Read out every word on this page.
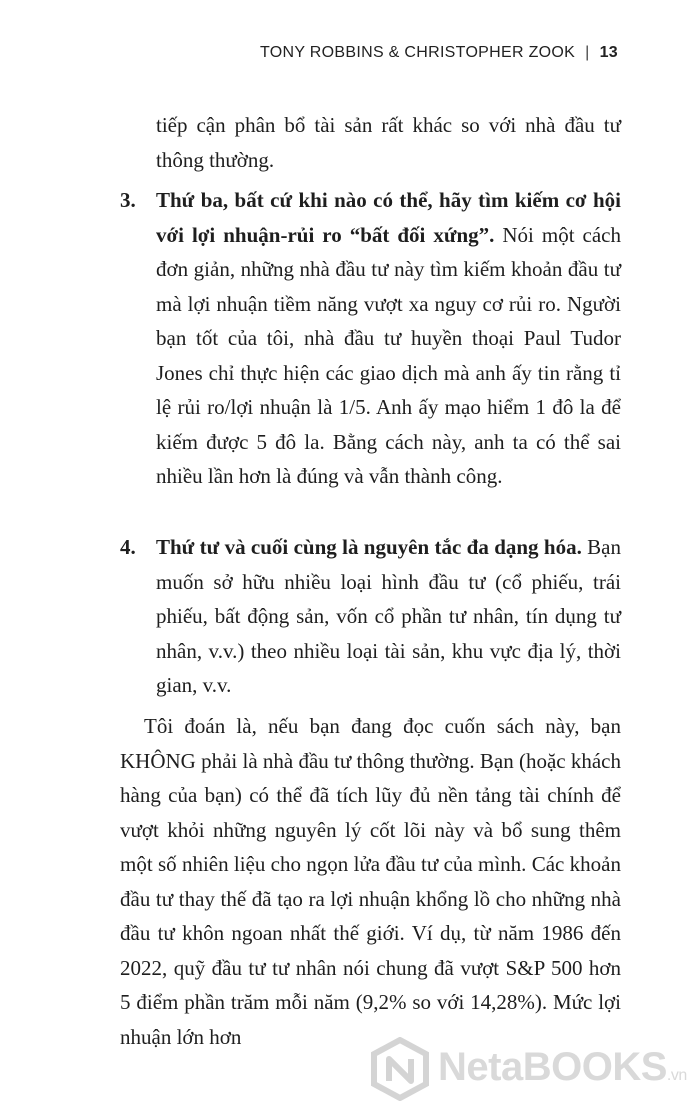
TONY ROBBINS & CHRISTOPHER ZOOK | 13
tiếp cận phân bổ tài sản rất khác so với nhà đầu tư thông thường.
3. Thứ ba, bất cứ khi nào có thể, hãy tìm kiếm cơ hội với lợi nhuận-rủi ro “bất đối xứng”. Nói một cách đơn giản, những nhà đầu tư này tìm kiếm khoản đầu tư mà lợi nhuận tiềm năng vượt xa nguy cơ rủi ro. Người bạn tốt của tôi, nhà đầu tư huyền thoại Paul Tudor Jones chỉ thực hiện các giao dịch mà anh ấy tin rằng tỉ lệ rủi ro/lợi nhuận là 1/5. Anh ấy mạo hiểm 1 đô la để kiếm được 5 đô la. Bằng cách này, anh ta có thể sai nhiều lần hơn là đúng và vẫn thành công.
4. Thứ tư và cuối cùng là nguyên tắc đa dạng hóa. Bạn muốn sở hữu nhiều loại hình đầu tư (cổ phiếu, trái phiếu, bất động sản, vốn cổ phần tư nhân, tín dụng tư nhân, v.v.) theo nhiều loại tài sản, khu vực địa lý, thời gian, v.v.
Tôi đoán là, nếu bạn đang đọc cuốn sách này, bạn KHÔNG phải là nhà đầu tư thông thường. Bạn (hoặc khách hàng của bạn) có thể đã tích lũy đủ nền tảng tài chính để vượt khỏi những nguyên lý cốt lõi này và bổ sung thêm một số nhiên liệu cho ngọn lửa đầu tư của mình. Các khoản đầu tư thay thế đã tạo ra lợi nhuận khổng lồ cho những nhà đầu tư khôn ngoan nhất thế giới. Ví dụ, từ năm 1986 đến 2022, quỹ đầu tư tư nhân nói chung đã vượt S&P 500 hơn 5 điểm phần trăm mỗi năm (9,2% so với 14,28%). Mức lợi nhuận lớn hơn
NetaBOOKS.vn
